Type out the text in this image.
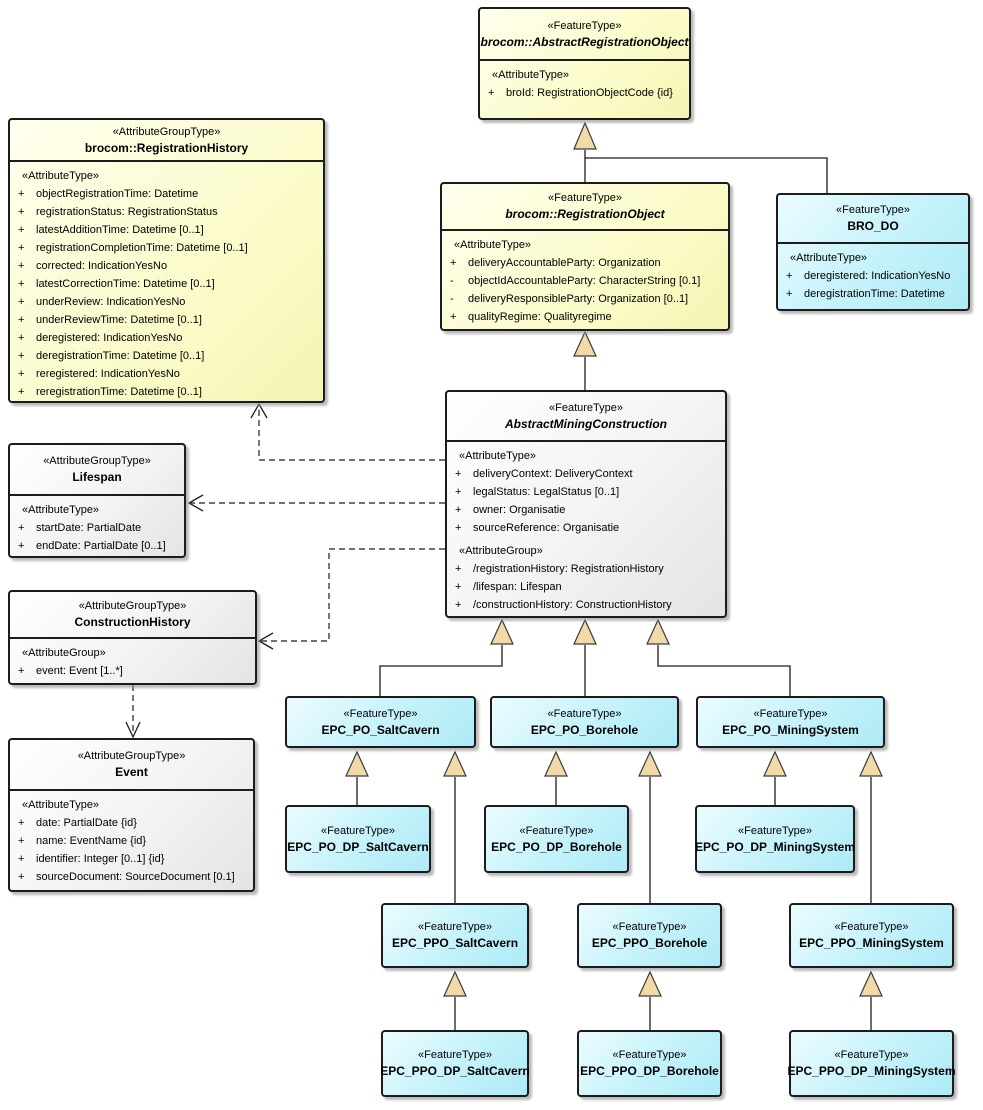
«FeatureType»
brocom::AbstractRegistrationObject
«AttributeType»
+	broId: RegistrationObjectCode {id}
«AttributeGroupType»
brocom::RegistrationHistory
«AttributeType»
+	objectRegistrationTime: Datetime
+	registrationStatus: RegistrationStatus
+	latestAdditionTime: Datetime [0..1]
+	registrationCompletionTime: Datetime [0..1]
+	corrected: IndicationYesNo
+	latestCorrectionTime: Datetime [0..1]
+	underReview: IndicationYesNo
+	underReviewTime: Datetime [0..1]
+	deregistered: IndicationYesNo
+	deregistrationTime: Datetime [0..1]
+	reregistered: IndicationYesNo
+	reregistrationTime: Datetime [0..1]
«FeatureType»
brocom::RegistrationObject
«AttributeType»
+	deliveryAccountableParty: Organization
-	objectIdAccountableParty: CharacterString [0.1]
-	deliveryResponsibleParty: Organization [0..1]
+	qualityRegime: Qualityregime
«FeatureType»
BRO_DO
«AttributeType»
+	deregistered: IndicationYesNo
+	deregistrationTime: Datetime
«AttributeGroupType»
Lifespan
«AttributeType»
+	startDate: PartialDate
+	endDate: PartialDate [0..1]
«AttributeGroupType»
ConstructionHistory
«AttributeGroup»
+	event: Event [1..*]
«AttributeGroupType»
Event
«AttributeType»
+	date: PartialDate {id}
+	name: EventName {id}
+	identifier: Integer [0..1] {id}
+	sourceDocument: SourceDocument [0.1]
«FeatureType»
AbstractMiningConstruction
«AttributeType»
+	deliveryContext: DeliveryContext
+	legalStatus: LegalStatus [0..1]
+	owner: Organisatie
+	sourceReference: Organisatie
«AttributeGroup»
+	/registrationHistory: RegistrationHistory
+	/lifespan: Lifespan
+	/constructionHistory: ConstructionHistory
«FeatureType»
EPC_PO_SaltCavern
«FeatureType»
EPC_PO_Borehole
«FeatureType»
EPC_PO_MiningSystem
«FeatureType»
EPC_PO_DP_SaltCavern
«FeatureType»
EPC_PO_DP_Borehole
«FeatureType»
EPC_PO_DP_MiningSystem
«FeatureType»
EPC_PPO_SaltCavern
«FeatureType»
EPC_PPO_Borehole
«FeatureType»
EPC_PPO_MiningSystem
«FeatureType»
EPC_PPO_DP_SaltCavern
«FeatureType»
EPC_PPO_DP_Borehole
«FeatureType»
EPC_PPO_DP_MiningSystem
